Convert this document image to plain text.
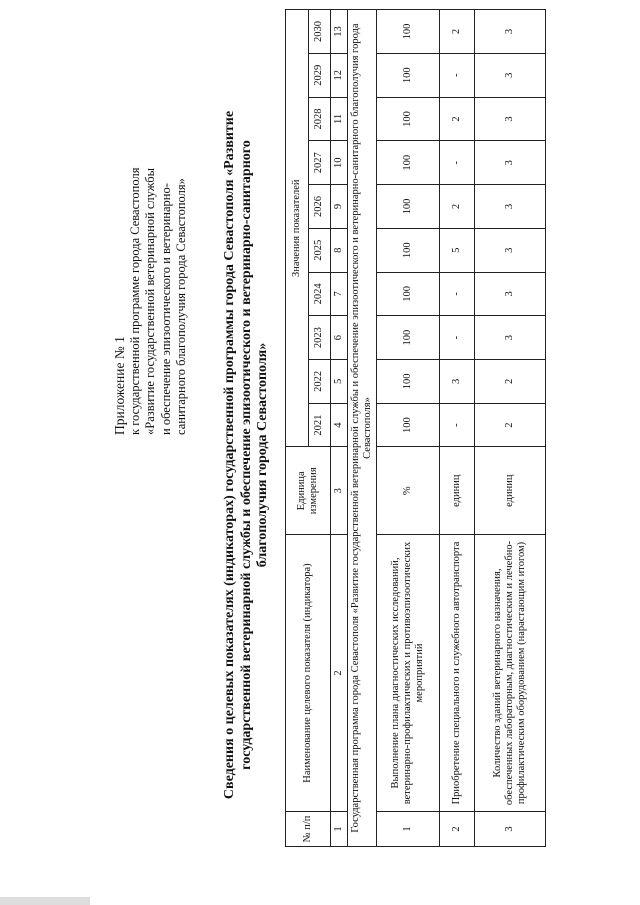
Приложение № 1 к государственной программе города Севастополя «Развитие государственной ветеринарной службы и обеспечение эпизоотического и ветеринарно- санитарного благополучия города Севастополя» Сведения о целевых показателях (индикаторах) государственной программы города Севастополя «Развитие государственной ветеринарной службы и обеспечение эпизоотического и ветеринарно-санитарного благополучия города Севастополя»
№ п/п	Наименование целевого показателя (индикатора)	Единица измерения	Значения показателей									
			2021	2022	2023	2024	2025	2026	2027	2028	2029	2030
1	2	3	4	5	6	7	8	9	10	11	12	13
Государственная программа города Севастополя «Развитие государственной ветеринарной службы и обеспечение эпизоотического и ветеринарно-санитарного благополучия города Севастополя»												
1	Выполнение плана диагностических исследований, ветеринарно-профилактических и противоэпизоотических мероприятий	%	100	100	100	100	100	100	100	100	100	100
2	Приобретение специального и служебного автотранспорта	единиц	-	3	-	-	5	2	-	2	-	2
3	Количество зданий ветеринарного назначения, обеспеченных лабораторным, диагностическим и лечебно-профилактическим оборудованием (нарастающим итогом)	единиц	2	2	3	3	3	3	3	3	3	3
